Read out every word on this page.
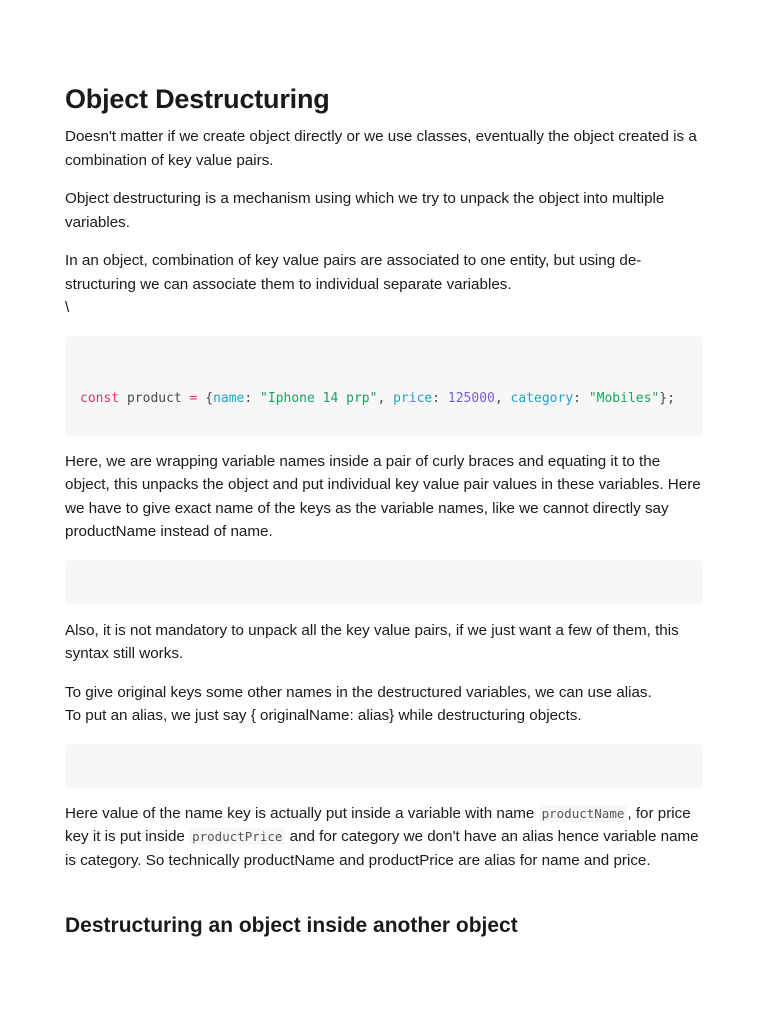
Object Destructuring

Doesn't matter if we create object directly or we use classes, eventually the object created is a combination of key value pairs.

Object destructuring is a mechanism using which we try to unpack the object into multiple variables.

In an object, combination of key value pairs are associated to one entity, but using de-structuring we can associate them to individual separate variables.
\

const product = {name: "Iphone 14 prp", price: 125000, category: "Mobiles"};

Here, we are wrapping variable names inside a pair of curly braces and equating it to the object, this unpacks the object and put individual key value pair values in these variables. Here we have to give exact name of the keys as the variable names, like we cannot directly say productName instead of name.

Also, it is not mandatory to unpack all the key value pairs, if we just want a few of them, this syntax still works.

To give original keys some other names in the destructured variables, we can use alias.
To put an alias, we just say { originalName: alias} while destructuring objects.

Here value of the name key is actually put inside a variable with name productName , for price key it is put inside productPrice and for category we don't have an alias hence variable name is category. So technically productName and productPrice are alias for name and price.

Destructuring an object inside another object
